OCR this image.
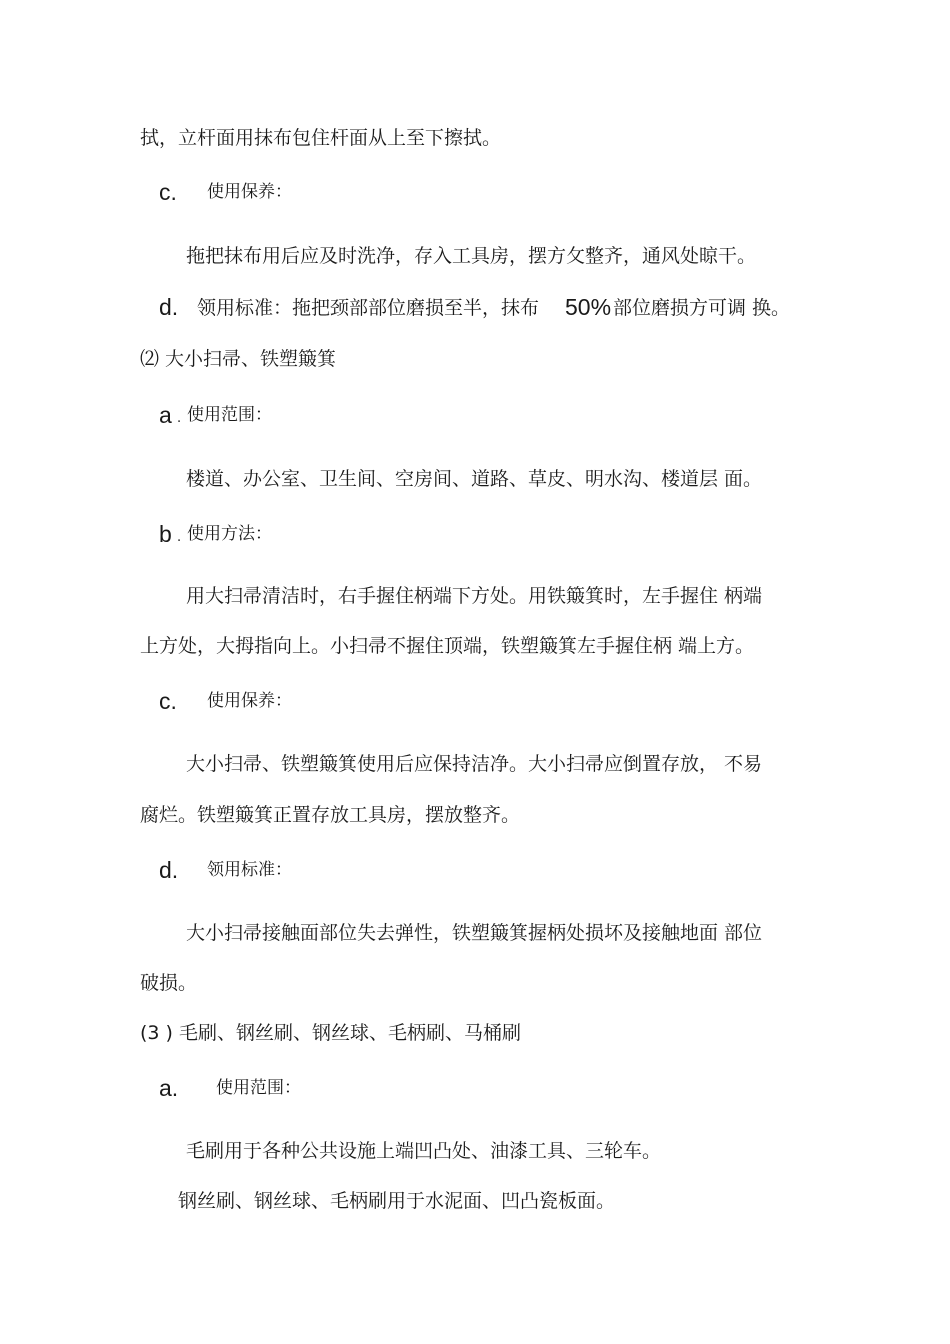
拭，立杆面用抹布包住杆面从上至下擦拭。
c. 使用保养：
拖把抹布用后应及时洗净，存入工具房，摆方攵整齐，通风处晾干。
d. 领用标准：拖把颈部部位磨损至半，抹布 50% 部位磨损方可调 换。
⑵ 大小扫帚、铁塑簸箕
a . 使用范围：
楼道、办公室、卫生间、空房间、道路、草皮、明水沟、楼道层 面。
b . 使用方法：
用大扫帚清洁时，右手握住柄端下方处。用铁簸箕时，左手握住 柄端
上方处，大拇指向上。小扫帚不握住顶端，铁塑簸箕左手握住柄 端上方。
c. 使用保养：
大小扫帚、铁塑簸箕使用后应保持洁净。大小扫帚应倒置存放， 不易
腐烂。铁塑簸箕正置存放工具房，摆放整齐。
d. 领用标准：
大小扫帚接触面部位失去弹性，铁塑簸箕握柄处损坏及接触地面 部位
破损。
(3 ) 毛刷、钢丝刷、钢丝球、毛柄刷、马桶刷
a. 使用范围：
毛刷用于各种公共设施上端凹凸处、油漆工具、三轮车。
钢丝刷、钢丝球、毛柄刷用于水泥面、凹凸瓷板面。
